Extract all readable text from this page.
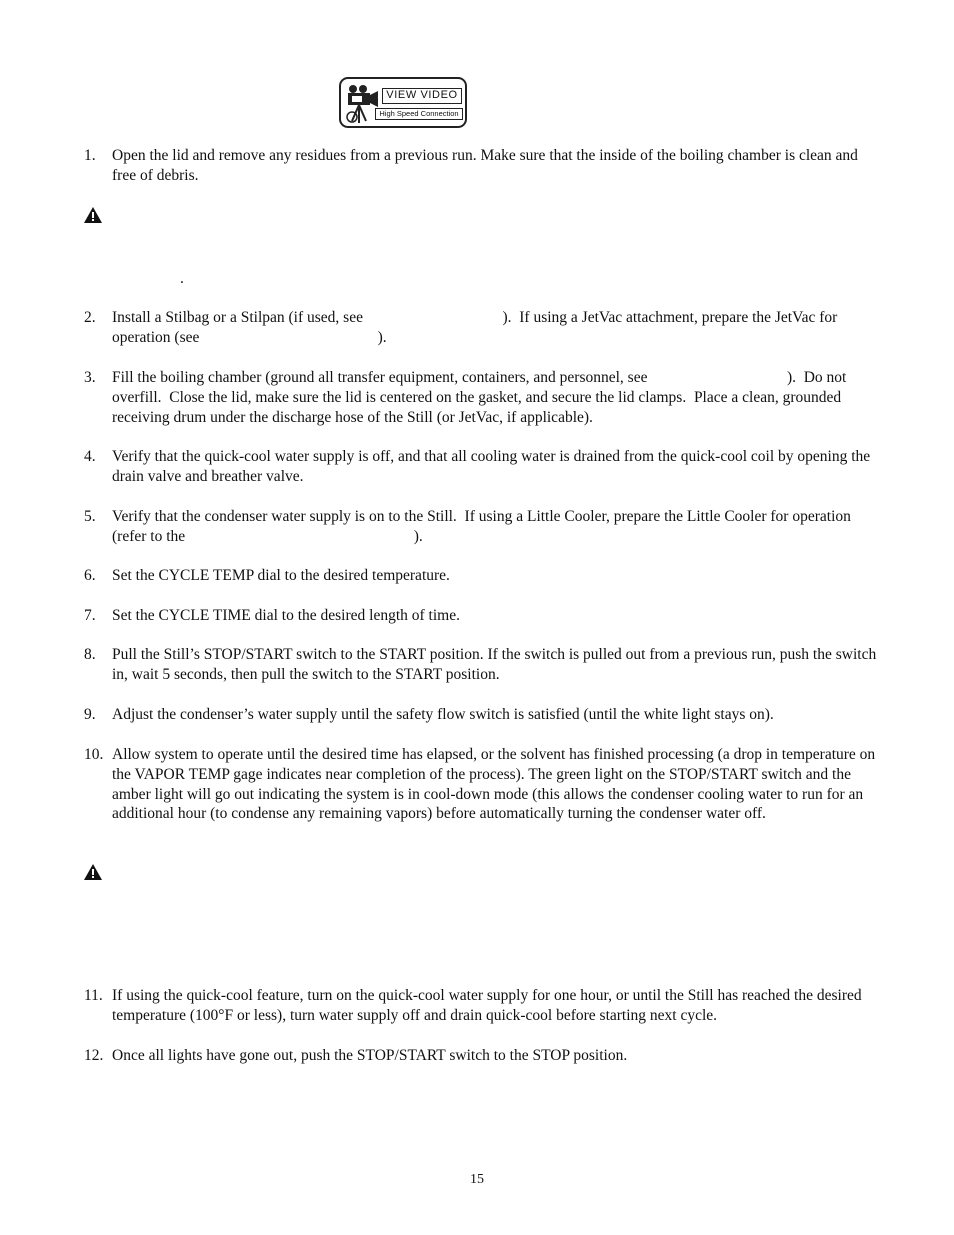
VIEW VIDEO
High Speed Connection
1. Open the lid and remove any residues from a previous run. Make sure that the inside of the boiling chamber is clean and free of debris.
.
2. Install a Stilbag or a Stilpan (if used, see                                    ).  If using a JetVac attachment, prepare the JetVac for operation (see                                              ).
3. Fill the boiling chamber (ground all transfer equipment, containers, and personnel, see                                    ).  Do not overfill.  Close the lid, make sure the lid is centered on the gasket, and secure the lid clamps.  Place a clean, grounded receiving drum under the discharge hose of the Still (or JetVac, if applicable).
4. Verify that the quick-cool water supply is off, and that all cooling water is drained from the quick-cool coil by opening the drain valve and breather valve.
5. Verify that the condenser water supply is on to the Still.  If using a Little Cooler, prepare the Little Cooler for operation (refer to the                                                           ).
6. Set the CYCLE TEMP dial to the desired temperature.
7. Set the CYCLE TIME dial to the desired length of time.
8. Pull the Still’s STOP/START switch to the START position. If the switch is pulled out from a previous run, push the switch in, wait 5 seconds, then pull the switch to the START position.
9. Adjust the condenser’s water supply until the safety flow switch is satisfied (until the white light stays on).
10. Allow system to operate until the desired time has elapsed, or the solvent has finished processing (a drop in temperature on the VAPOR TEMP gage indicates near completion of the process). The green light on the STOP/START switch and the amber light will go out indicating the system is in cool-down mode (this allows the condenser cooling water to run for an additional hour (to condense any remaining vapors) before automatically turning the condenser water off.
11. If using the quick-cool feature, turn on the quick-cool water supply for one hour, or until the Still has reached the desired temperature (100°F or less), turn water supply off and drain quick-cool before starting next cycle.
12. Once all lights have gone out, push the STOP/START switch to the STOP position.
15
